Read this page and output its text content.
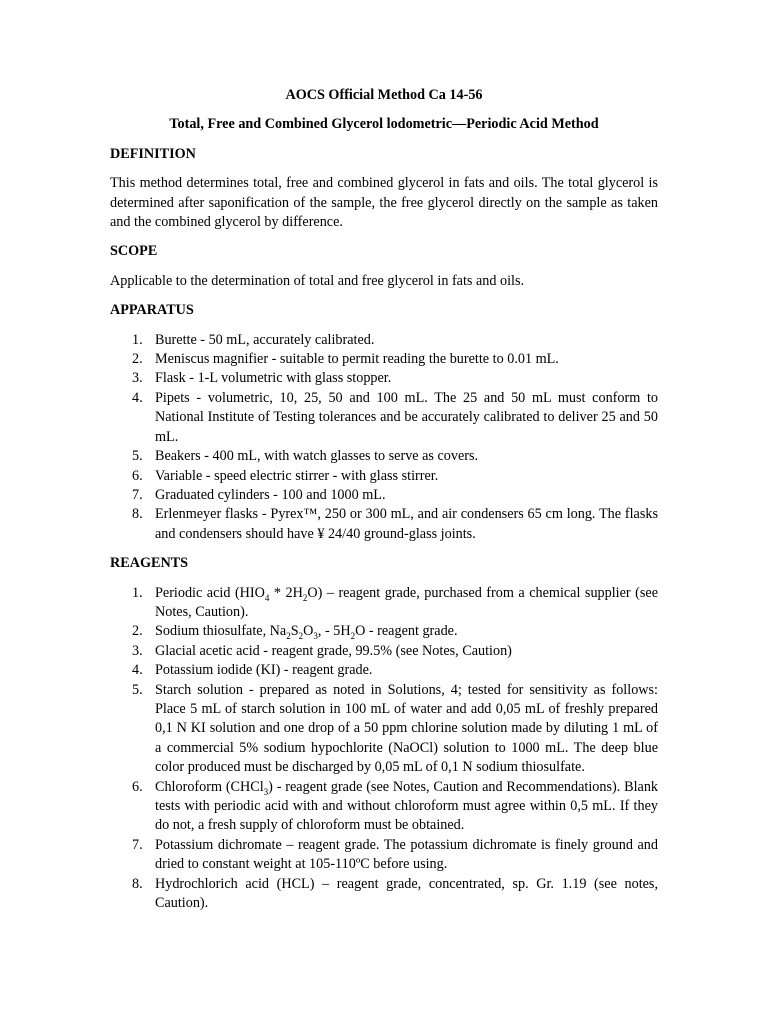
AOCS Official Method Ca 14-56

Total, Free and Combined Glycerol lodometric—Periodic Acid Method

DEFINITION

This method determines total, free and combined glycerol in fats and oils. The total glycerol is determined after saponification of the sample, the free glycerol directly on the sample as taken and the combined glycerol by difference.

SCOPE

Applicable to the determination of total and free glycerol in fats and oils.

APPARATUS
1. Burette - 50 mL, accurately calibrated.
2. Meniscus magnifier - suitable to permit reading the burette to 0.01 mL.
3. Flask - 1-L volumetric with glass stopper.
4. Pipets - volumetric, 10, 25, 50 and 100 mL. The 25 and 50 mL must conform to National Institute of Testing tolerances and be accurately calibrated to deliver 25 and 50 mL.
5. Beakers - 400 mL, with watch glasses to serve as covers.
6. Variable - speed electric stirrer - with glass stirrer.
7. Graduated cylinders - 100 and 1000 mL.
8. Erlenmeyer flasks - Pyrex™, 250 or 300 mL, and air condensers 65 cm long. The flasks and condensers should have ¥ 24/40 ground-glass joints.
REAGENTS
1. Periodic acid $(HIO_4 * 2H_2O)$ – reagent grade, purchased from a chemical supplier (see Notes, Caution).
2. Sodium thiosulfate, $Na_2S_2O_3$, - $5H_2O$ - reagent grade.
3. Glacial acetic acid - reagent grade, 99.5% (see Notes, Caution)
4. Potassium iodide (KI) - reagent grade.
5. Starch solution - prepared as noted in Solutions, 4; tested for sensitivity as follows: Place 5 mL of starch solution in 100 mL of water and add 0,05 mL of freshly prepared 0,1 N KI solution and one drop of a 50 ppm chlorine solution made by diluting 1 mL of a commercial 5% sodium hypochlorite (NaOCl) solution to 1000 mL. The deep blue color produced must be discharged by 0,05 mL of 0,1 N sodium thiosulfate.
6. Chloroform (CHCl$_3$) - reagent grade (see Notes, Caution and Recommendations). Blank tests with periodic acid with and without chloroform must agree within 0,5 mL. If they do not, a fresh supply of chloroform must be obtained.
7. Potassium dichromate – reagent grade. The potassium dichromate is finely ground and dried to constant weight at 105-110ºC before using.
8. Hydrochlorich acid (HCL) – reagent grade, concentrated, sp. Gr. 1.19 (see notes, Caution).
